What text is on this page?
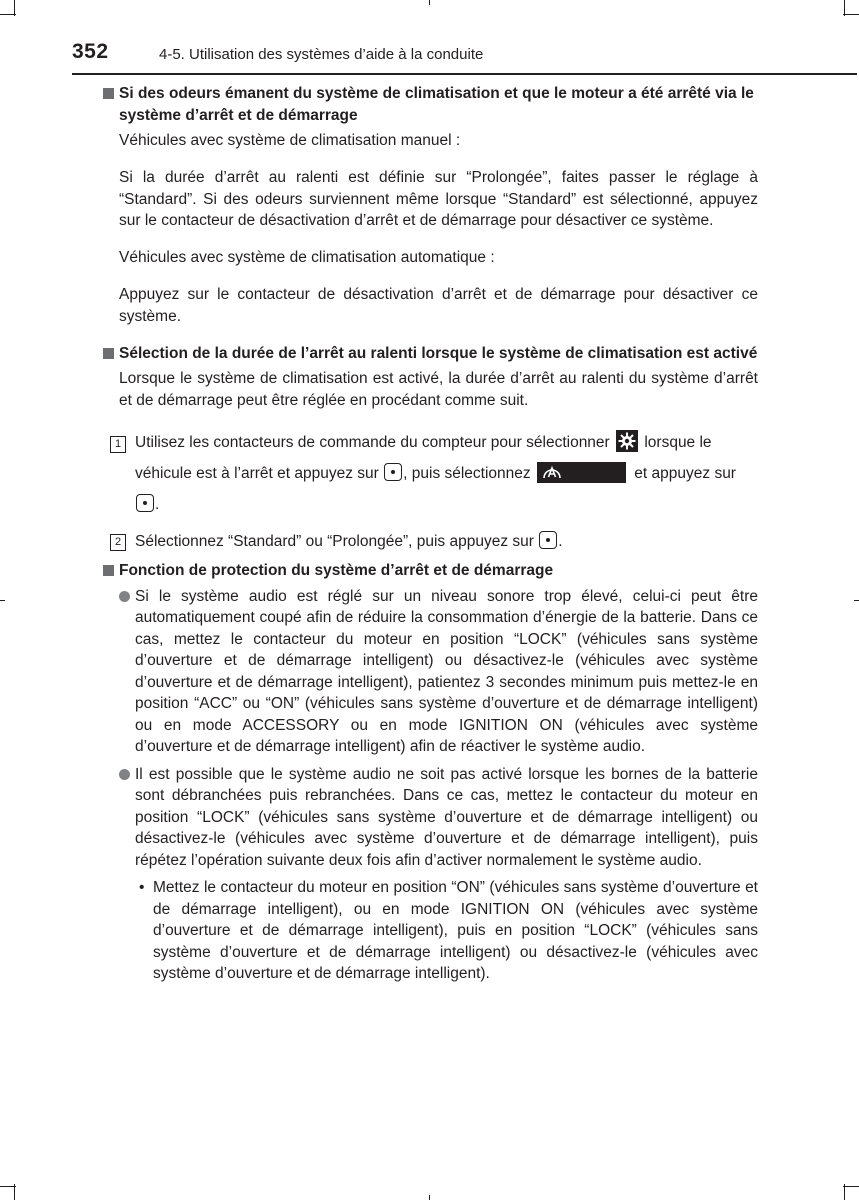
352	4-5. Utilisation des systèmes d’aide à la conduite
Si des odeurs émanent du système de climatisation et que le moteur a été arrêté via le système d’arrêt et de démarrage

Véhicules avec système de climatisation manuel :

Si la durée d’arrêt au ralenti est définie sur “Prolongée”, faites passer le réglage à “Standard”. Si des odeurs surviennent même lorsque “Standard” est sélectionné, appuyez sur le contacteur de désactivation d’arrêt et de démarrage pour désactiver ce système.

Véhicules avec système de climatisation automatique :

Appuyez sur le contacteur de désactivation d’arrêt et de démarrage pour désactiver ce système.

Sélection de la durée de l’arrêt au ralenti lorsque le système de climatisation est activé

Lorsque le système de climatisation est activé, la durée d’arrêt au ralenti du système d’arrêt et de démarrage peut être réglée en procédant comme suit.

1 Utilisez les contacteurs de commande du compteur pour sélectionner lorsque le véhicule est à l’arrêt et appuyez sur , puis sélectionnez	et appuyez sur .
2 Sélectionnez “Standard” ou “Prolongée”, puis appuyez sur .
Fonction de protection du système d’arrêt et de démarrage
Si le système audio est réglé sur un niveau sonore trop élevé, celui-ci peut être automatiquement coupé afin de réduire la consommation d’énergie de la batterie. Dans ce cas, mettez le contacteur du moteur en position “LOCK” (véhicules sans système d’ouverture et de démarrage intelligent) ou désactivez-le (véhicules avec système d’ouverture et de démarrage intelligent), patientez 3 secondes minimum puis mettez-le en position “ACC” ou “ON” (véhicules sans système d’ouverture et de démarrage intelligent) ou en mode ACCESSORY ou en mode IGNITION ON (véhicules avec système d’ouverture et de démarrage intelligent) afin de réactiver le système audio.
Il est possible que le système audio ne soit pas activé lorsque les bornes de la batterie sont débranchées puis rebranchées. Dans ce cas, mettez le contacteur du moteur en position “LOCK” (véhicules sans système d’ouverture et de démarrage intelligent) ou désactivez-le (véhicules avec système d’ouverture et de démarrage intelligent), puis répétez l’opération suivante deux fois afin d’activer normalement le système audio.
• Mettez le contacteur du moteur en position “ON” (véhicules sans système d’ouverture et de démarrage intelligent), ou en mode IGNITION ON (véhicules avec système d’ouverture et de démarrage intelligent), puis en position “LOCK” (véhicules sans système d’ouverture et de démarrage intelligent) ou désactivez-le (véhicules avec système d’ouverture et de démarrage intelligent).
